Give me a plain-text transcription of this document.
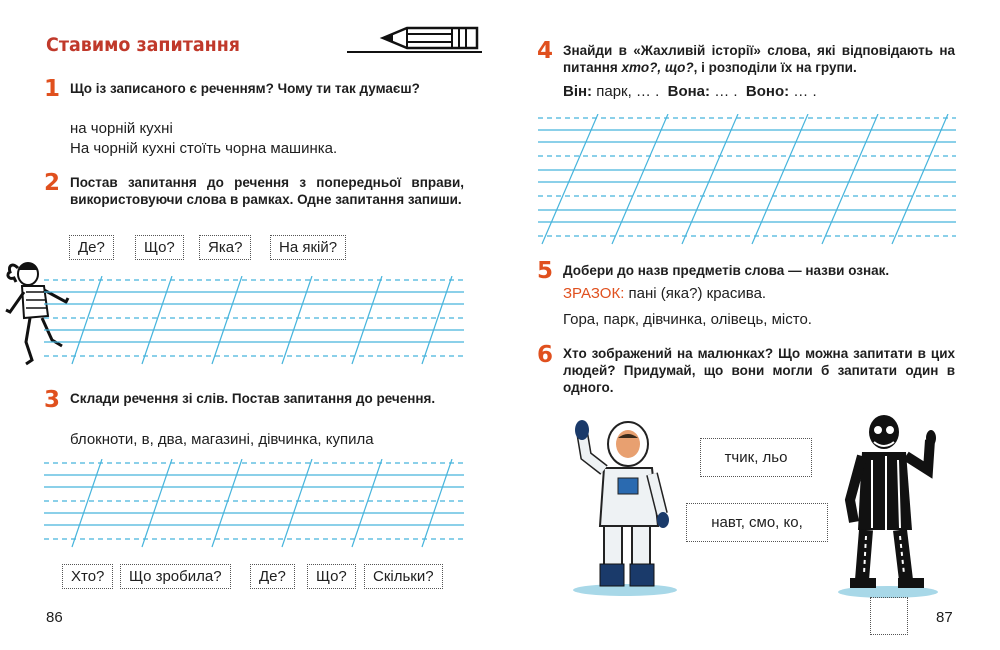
Ставимо запитання
1 Що із записаного є реченням? Чому ти так думаєш?
на чорній кухні
На чорній кухні стоїть чорна машинка.
2 Постав запитання до речення з попередньої вправи, використовуючи слова в рамках. Одне запитання запиши.
Де?	Що?	Яка?	На якій?
3 Склади речення зі слів. Постав запитання до речення.
блокноти, в, два, магазині, дівчинка, купила
Хто?	Що зробила?	Де?	Що?	Скільки?
86
4 Знайди в «Жахливій історії» слова, які відповідають на питання хто?, що?, і розподіли їх на групи.
Він: парк, … . Вона: … . Воно: … .
5 Добери до назв предметів слова — назви ознак.
ЗРАЗОК: пані (яка?) красива.
Гора, парк, дівчинка, олівець, місто.
6 Хто зображений на малюнках? Що можна запитати в цих людей? Придумай, що вони могли б запитати один в одного.
тчик, льо
навт, смо, ко,
87
